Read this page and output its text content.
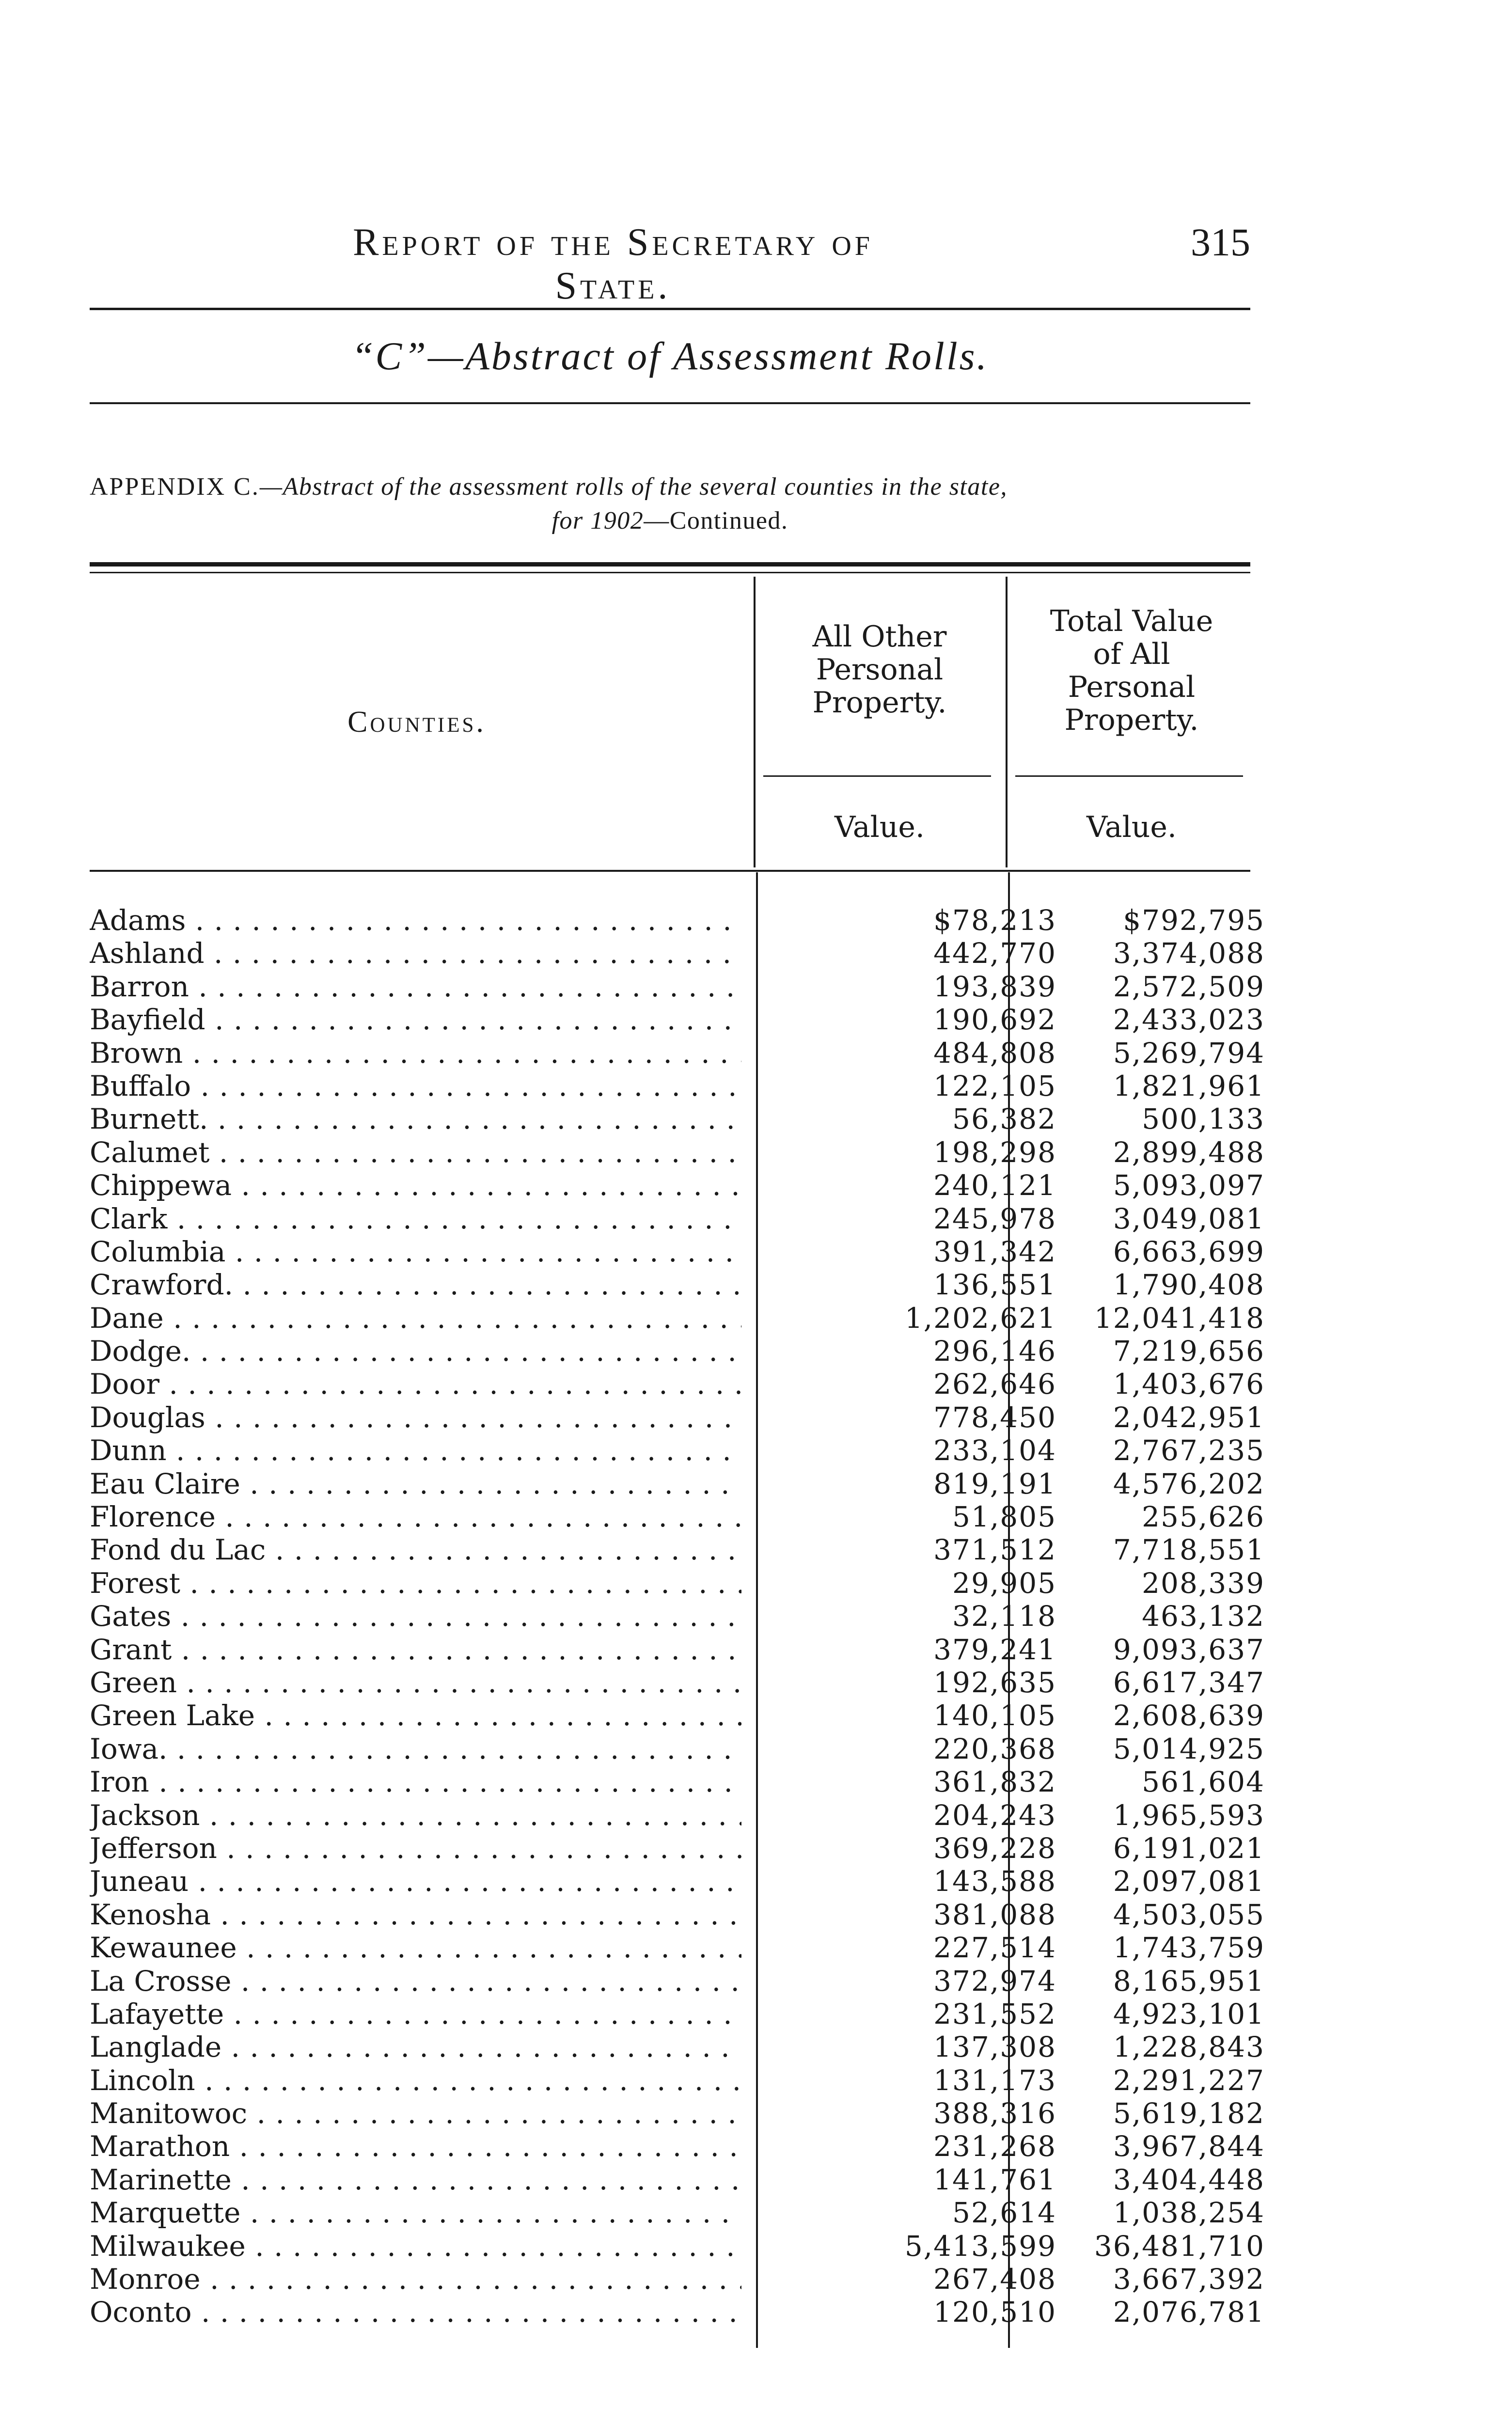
Report of the Secretary of State.
315
“C”—Abstract of Assessment Rolls.
APPENDIX C.—Abstract of the assessment rolls of the several counties in the state,
for 1902—Continued.
Counties.
All Other
Personal
Property.
Total Value
of All
Personal
Property.
Value.	Value.
Adams . . .	$78,213	$792,795
Ashland . . .	442,770	3,374,088
Barron . . .	193,839	2,572,509
Bayfield . . .	190,692	2,433,023
Brown . . .	484,808	5,269,794
Buffalo . . .	122,105	1,821,961
Burnett. . . .	56,382	500,133
Calumet . . .	198,298	2,899,488
Chippewa . . .	240,121	5,093,097
Clark . . .	245,978	3,049,081
Columbia . . .	391,342	6,663,699
Crawford. . . .	136,551	1,790,408
Dane . . .	1,202,621	12,041,418
Dodge. . . .	296,146	7,219,656
Door . . .	262,646	1,403,676
Douglas . . .	778,450	2,042,951
Dunn . . .	233,104	2,767,235
Eau Claire . . .	819,191	4,576,202
Florence . . .	51,805	255,626
Fond du Lac . . .	371,512	7,718,551
Forest . . .	29,905	208,339
Gates . . .	32,118	463,132
Grant . . .	379,241	9,093,637
Green . . .	192,635	6,617,347
Green Lake . . .	140,105	2,608,639
Iowa. . . .	220,368	5,014,925
Iron . . .	361,832	561,604
Jackson . . .	204,243	1,965,593
Jefferson . . .	369,228	6,191,021
Juneau . . .	143,588	2,097,081
Kenosha . . .	381,088	4,503,055
Kewaunee . . .	227,514	1,743,759
La Crosse . . .	372,974	8,165,951
Lafayette . . .	231,552	4,923,101
Langlade . . .	137,308	1,228,843
Lincoln . . .	131,173	2,291,227
Manitowoc . . .	388,316	5,619,182
Marathon . . .	231,268	3,967,844
Marinette . . .	141,761	3,404,448
Marquette . . .	52,614	1,038,254
Milwaukee . . .	5,413,599	36,481,710
Monroe . . .	267,408	3,667,392
Oconto . . .	120,510	2,076,781
